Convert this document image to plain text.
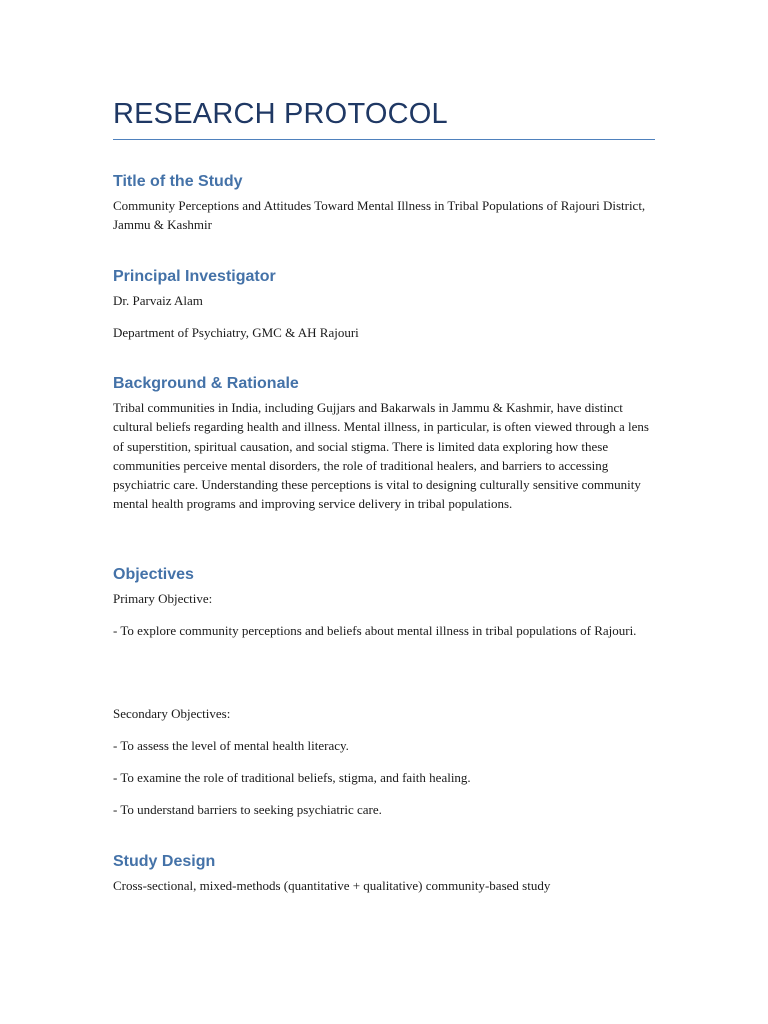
RESEARCH PROTOCOL
Title of the Study
Community Perceptions and Attitudes Toward Mental Illness in Tribal Populations of Rajouri District, Jammu & Kashmir
Principal Investigator
Dr. Parvaiz Alam
Department of Psychiatry, GMC & AH Rajouri
Background & Rationale
Tribal communities in India, including Gujjars and Bakarwals in Jammu & Kashmir, have distinct cultural beliefs regarding health and illness. Mental illness, in particular, is often viewed through a lens of superstition, spiritual causation, and social stigma. There is limited data exploring how these communities perceive mental disorders, the role of traditional healers, and barriers to accessing psychiatric care. Understanding these perceptions is vital to designing culturally sensitive community mental health programs and improving service delivery in tribal populations.
Objectives
Primary Objective:
- To explore community perceptions and beliefs about mental illness in tribal populations of Rajouri.
Secondary Objectives:
- To assess the level of mental health literacy.
- To examine the role of traditional beliefs, stigma, and faith healing.
- To understand barriers to seeking psychiatric care.
Study Design
Cross-sectional, mixed-methods (quantitative + qualitative) community-based study
